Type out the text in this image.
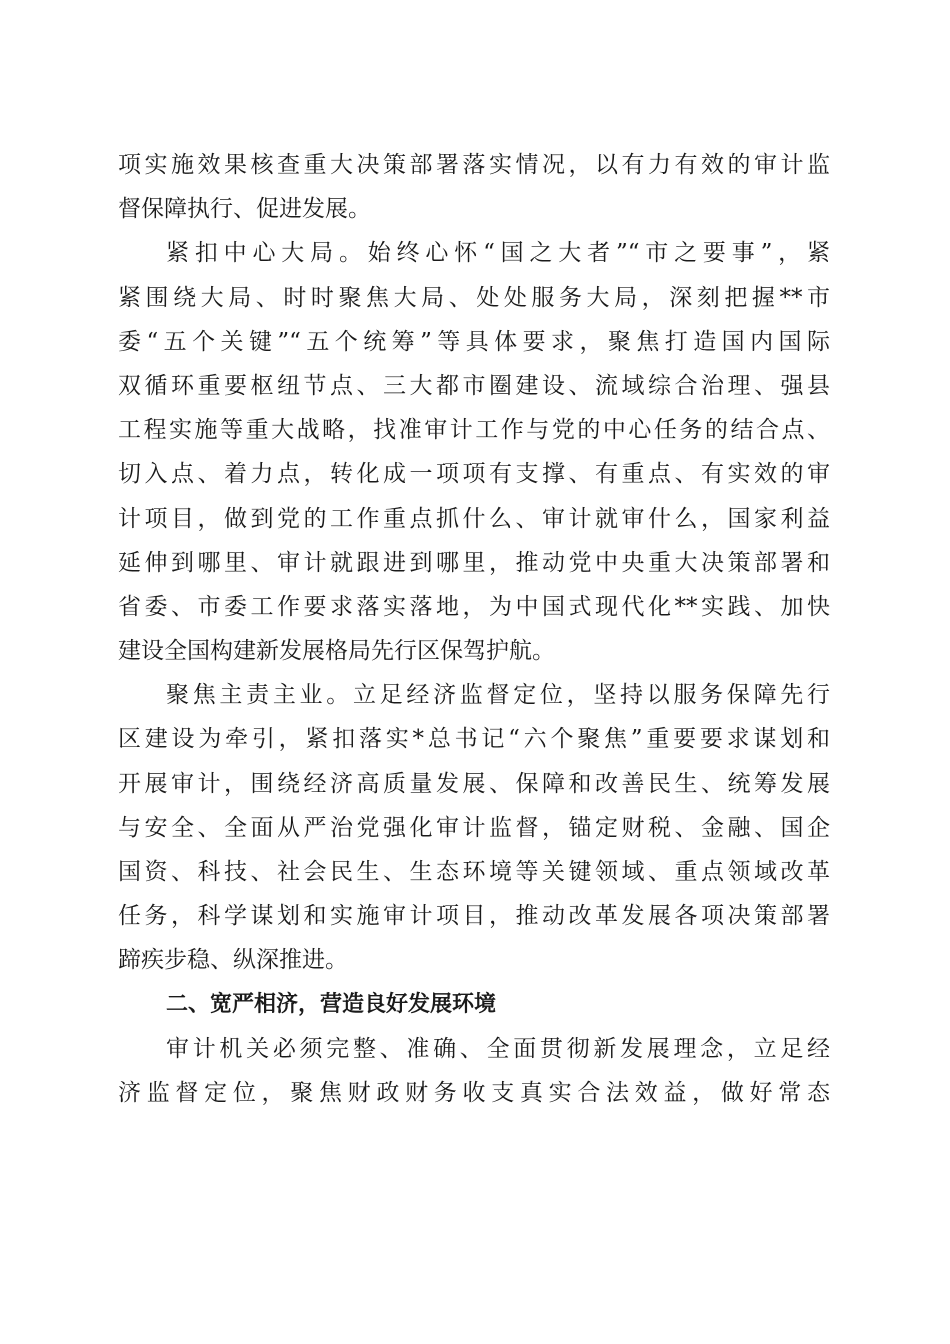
项实施效果核查重大决策部署落实情况，以有力有效的审计监
督保障执行、促进发展。
紧扣中心大局。始终心怀“国之大者”“市之要事”，紧
紧围绕大局、时时聚焦大局、处处服务大局，深刻把握**市
委“五个关键”“五个统筹”等具体要求，聚焦打造国内国际
双循环重要枢纽节点、三大都市圈建设、流域综合治理、强县
工程实施等重大战略，找准审计工作与党的中心任务的结合点、
切入点、着力点，转化成一项项有支撑、有重点、有实效的审
计项目，做到党的工作重点抓什么、审计就审什么，国家利益
延伸到哪里、审计就跟进到哪里，推动党中央重大决策部署和
省委、市委工作要求落实落地，为中国式现代化**实践、加快
建设全国构建新发展格局先行区保驾护航。
聚焦主责主业。立足经济监督定位，坚持以服务保障先行
区建设为牵引，紧扣落实*总书记“六个聚焦”重要要求谋划和
开展审计，围绕经济高质量发展、保障和改善民生、统筹发展
与安全、全面从严治党强化审计监督，锚定财税、金融、国企
国资、科技、社会民生、生态环境等关键领域、重点领域改革
任务，科学谋划和实施审计项目，推动改革发展各项决策部署
蹄疾步稳、纵深推进。
二、宽严相济，营造良好发展环境
审计机关必须完整、准确、全面贯彻新发展理念，立足经
济监督定位，聚焦财政财务收支真实合法效益，做好常态
